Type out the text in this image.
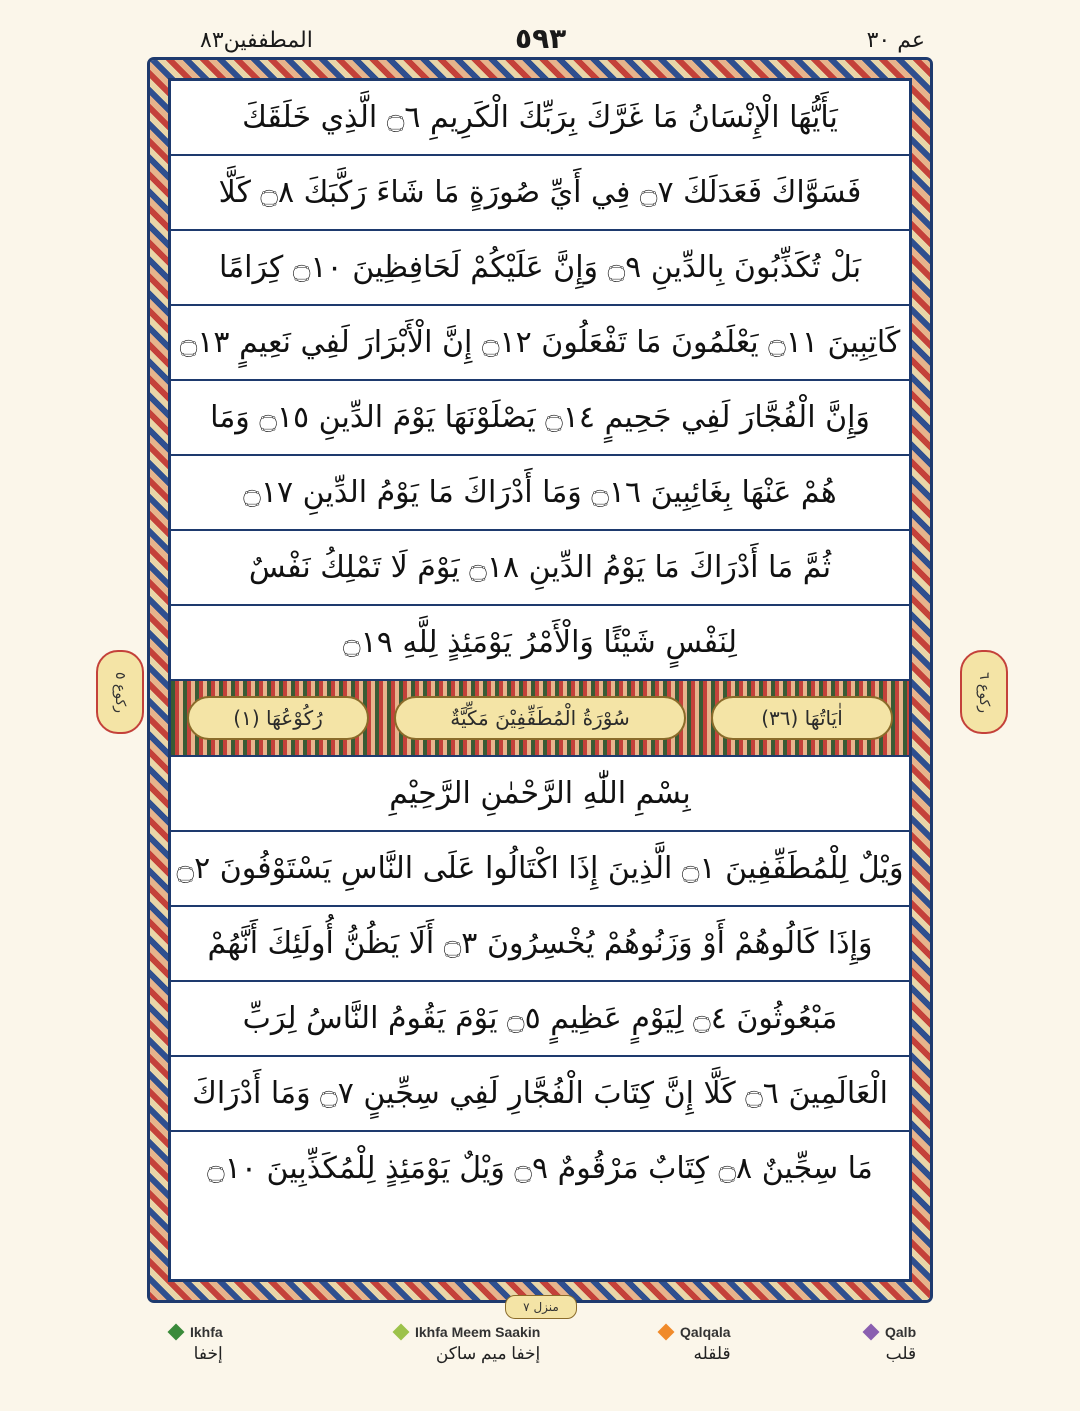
المطففين٨٣	٥٩٣	عم ٣٠
ركوع ٥
ركوع ٦
يَأَيُّهَا الْإِنْسَانُ مَا غَرَّكَ بِرَبِّكَ الْكَرِيمِ ۝٦ الَّذِي خَلَقَكَ
فَسَوَّاكَ فَعَدَلَكَ ۝٧ فِي أَيِّ صُورَةٍ مَا شَاءَ رَكَّبَكَ ۝٨ كَلَّا
بَلْ تُكَذِّبُونَ بِالدِّينِ ۝٩ وَإِنَّ عَلَيْكُمْ لَحَافِظِينَ ۝١٠ كِرَامًا
كَاتِبِينَ ۝١١ يَعْلَمُونَ مَا تَفْعَلُونَ ۝١٢ إِنَّ الْأَبْرَارَ لَفِي نَعِيمٍ ۝١٣
وَإِنَّ الْفُجَّارَ لَفِي جَحِيمٍ ۝١٤ يَصْلَوْنَهَا يَوْمَ الدِّينِ ۝١٥ وَمَا
هُمْ عَنْهَا بِغَائِبِينَ ۝١٦ وَمَا أَدْرَاكَ مَا يَوْمُ الدِّينِ ۝١٧
ثُمَّ مَا أَدْرَاكَ مَا يَوْمُ الدِّينِ ۝١٨ يَوْمَ لَا تَمْلِكُ نَفْسٌ
لِنَفْسٍ شَيْئًا وَالْأَمْرُ يَوْمَئِذٍ لِلَّهِ ۝١٩
اٰيَاتُهَا (٣٦)
سُوْرَةُ الْمُطَفِّفِيْنَ مَكِّيَّةٌ
رُكُوْعُهَا (١)
بِسْمِ اللّٰهِ الرَّحْمٰنِ الرَّحِيْمِ
وَيْلٌ لِلْمُطَفِّفِينَ ۝١ الَّذِينَ إِذَا اكْتَالُوا عَلَى النَّاسِ يَسْتَوْفُونَ ۝٢
وَإِذَا كَالُوهُمْ أَوْ وَزَنُوهُمْ يُخْسِرُونَ ۝٣ أَلَا يَظُنُّ أُولَئِكَ أَنَّهُمْ
مَبْعُوثُونَ ۝٤ لِيَوْمٍ عَظِيمٍ ۝٥ يَوْمَ يَقُومُ النَّاسُ لِرَبِّ
الْعَالَمِينَ ۝٦ كَلَّا إِنَّ كِتَابَ الْفُجَّارِ لَفِي سِجِّينٍ ۝٧ وَمَا أَدْرَاكَ
مَا سِجِّينٌ ۝٨ كِتَابٌ مَرْقُومٌ ۝٩ وَيْلٌ يَوْمَئِذٍ لِلْمُكَذِّبِينَ ۝١٠
منزل ٧
Ikhfa
إخفا
Ikhfa Meem Saakin
إخفا ميم ساكن
Qalqala
قلقله
Qalb
قلب
